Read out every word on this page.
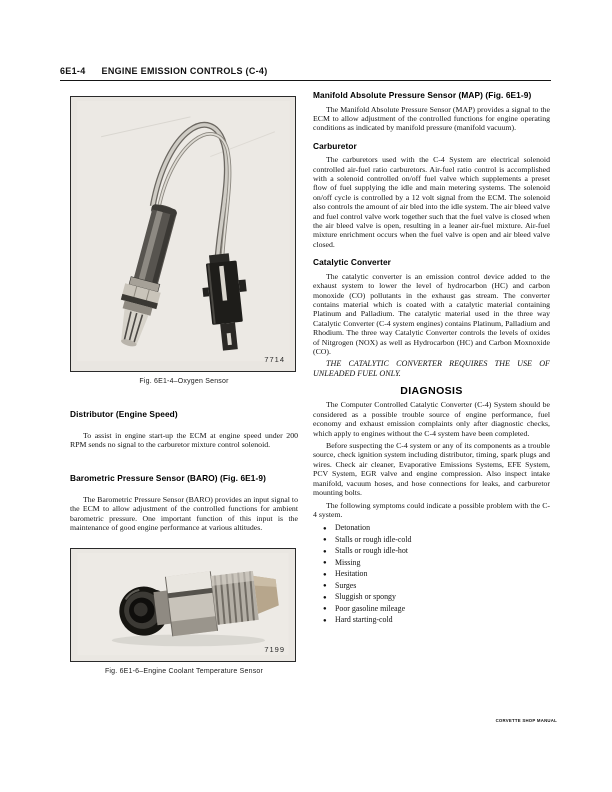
6E1-4 ENGINE EMISSION CONTROLS (C-4)
7714
Fig. 6E1-4–Oxygen Sensor
Distributor (Engine Speed)

To assist in engine start-up the ECM at engine speed under 200 RPM sends no signal to the carburetor mixture control solenoid.

Barometric Pressure Sensor (BARO) (Fig. 6E1-9)

The Barometric Pressure Sensor (BARO) provides an input signal to the ECM to allow adjustment of the controlled functions for ambient barometric pressure. One important function of this input is the maintenance of good engine performance at various altitudes.

7199
Fig. 6E1-6–Engine Coolant Temperature Sensor
Manifold Absolute Pressure Sensor (MAP) (Fig. 6E1-9)

The Manifold Absolute Pressure Sensor (MAP) provides a signal to the ECM to allow adjustment of the controlled functions for engine operating conditions as indicated by manifold pressure (manifold vacuum).

Carburetor

The carburetors used with the C-4 System are electrical solenoid controlled air-fuel ratio carburetors. Air-fuel ratio control is accomplished with a solenoid controlled on/off fuel valve which supplements a preset flow of fuel supplying the idle and main metering systems. The solenoid on/off cycle is controlled by a 12 volt signal from the ECM. The solenoid also controls the amount of air bled into the idle system. The air bleed valve and fuel control valve work together such that the fuel valve is closed when the air bleed valve is open, resulting in a leaner air-fuel mixture. Air-fuel mixture enrichment occurs when the fuel valve is open and air bleed valve closed.

Catalytic Converter

The catalytic converter is an emission control device added to the exhaust system to lower the level of hydrocarbon (HC) and carbon monoxide (CO) pollutants in the exhaust gas stream. The converter contains material which is coated with a catalytic material containing Platinum and Palladium. The catalytic material used in the three way Catalytic Converter (C-4 system engines) contains Platinum, Palladium and Rhodium. The three way Catalytic Converter controls the levels of oxides of Nitgrogen (NOX) as well as Hydrocarbon (HC) and Carbon Moxnoxide (CO).

THE CATALYTIC CONVERTER REQUIRES THE USE OF UNLEADED FUEL ONLY.

DIAGNOSIS

The Computer Controlled Catalytic Converter (C-4) System should be considered as a possible trouble source of engine performance, fuel economy and exhaust emission complaints only after diagnostic checks, which apply to engines without the C-4 system have been completed.

Before suspecting the C-4 system or any of its components as a trouble source, check ignition system including distributor, timing, spark plugs and wires. Check air cleaner, Evaporative Emissions Systems, EFE System, PCV System, EGR valve and engine compression. Also inspect intake manifold, vacuum hoses, and hose connections for leaks, and carburetor mounting bolts.

The following symptoms could indicate a possible problem with the C-4 system.

● Detonation
● Stalls or rough idle-cold
● Stalls or rough idle-hot
● Missing
● Hesitation
● Surges
● Sluggish or spongy
● Poor gasoline mileage
● Hard starting-cold
CORVETTE SHOP MANUAL
